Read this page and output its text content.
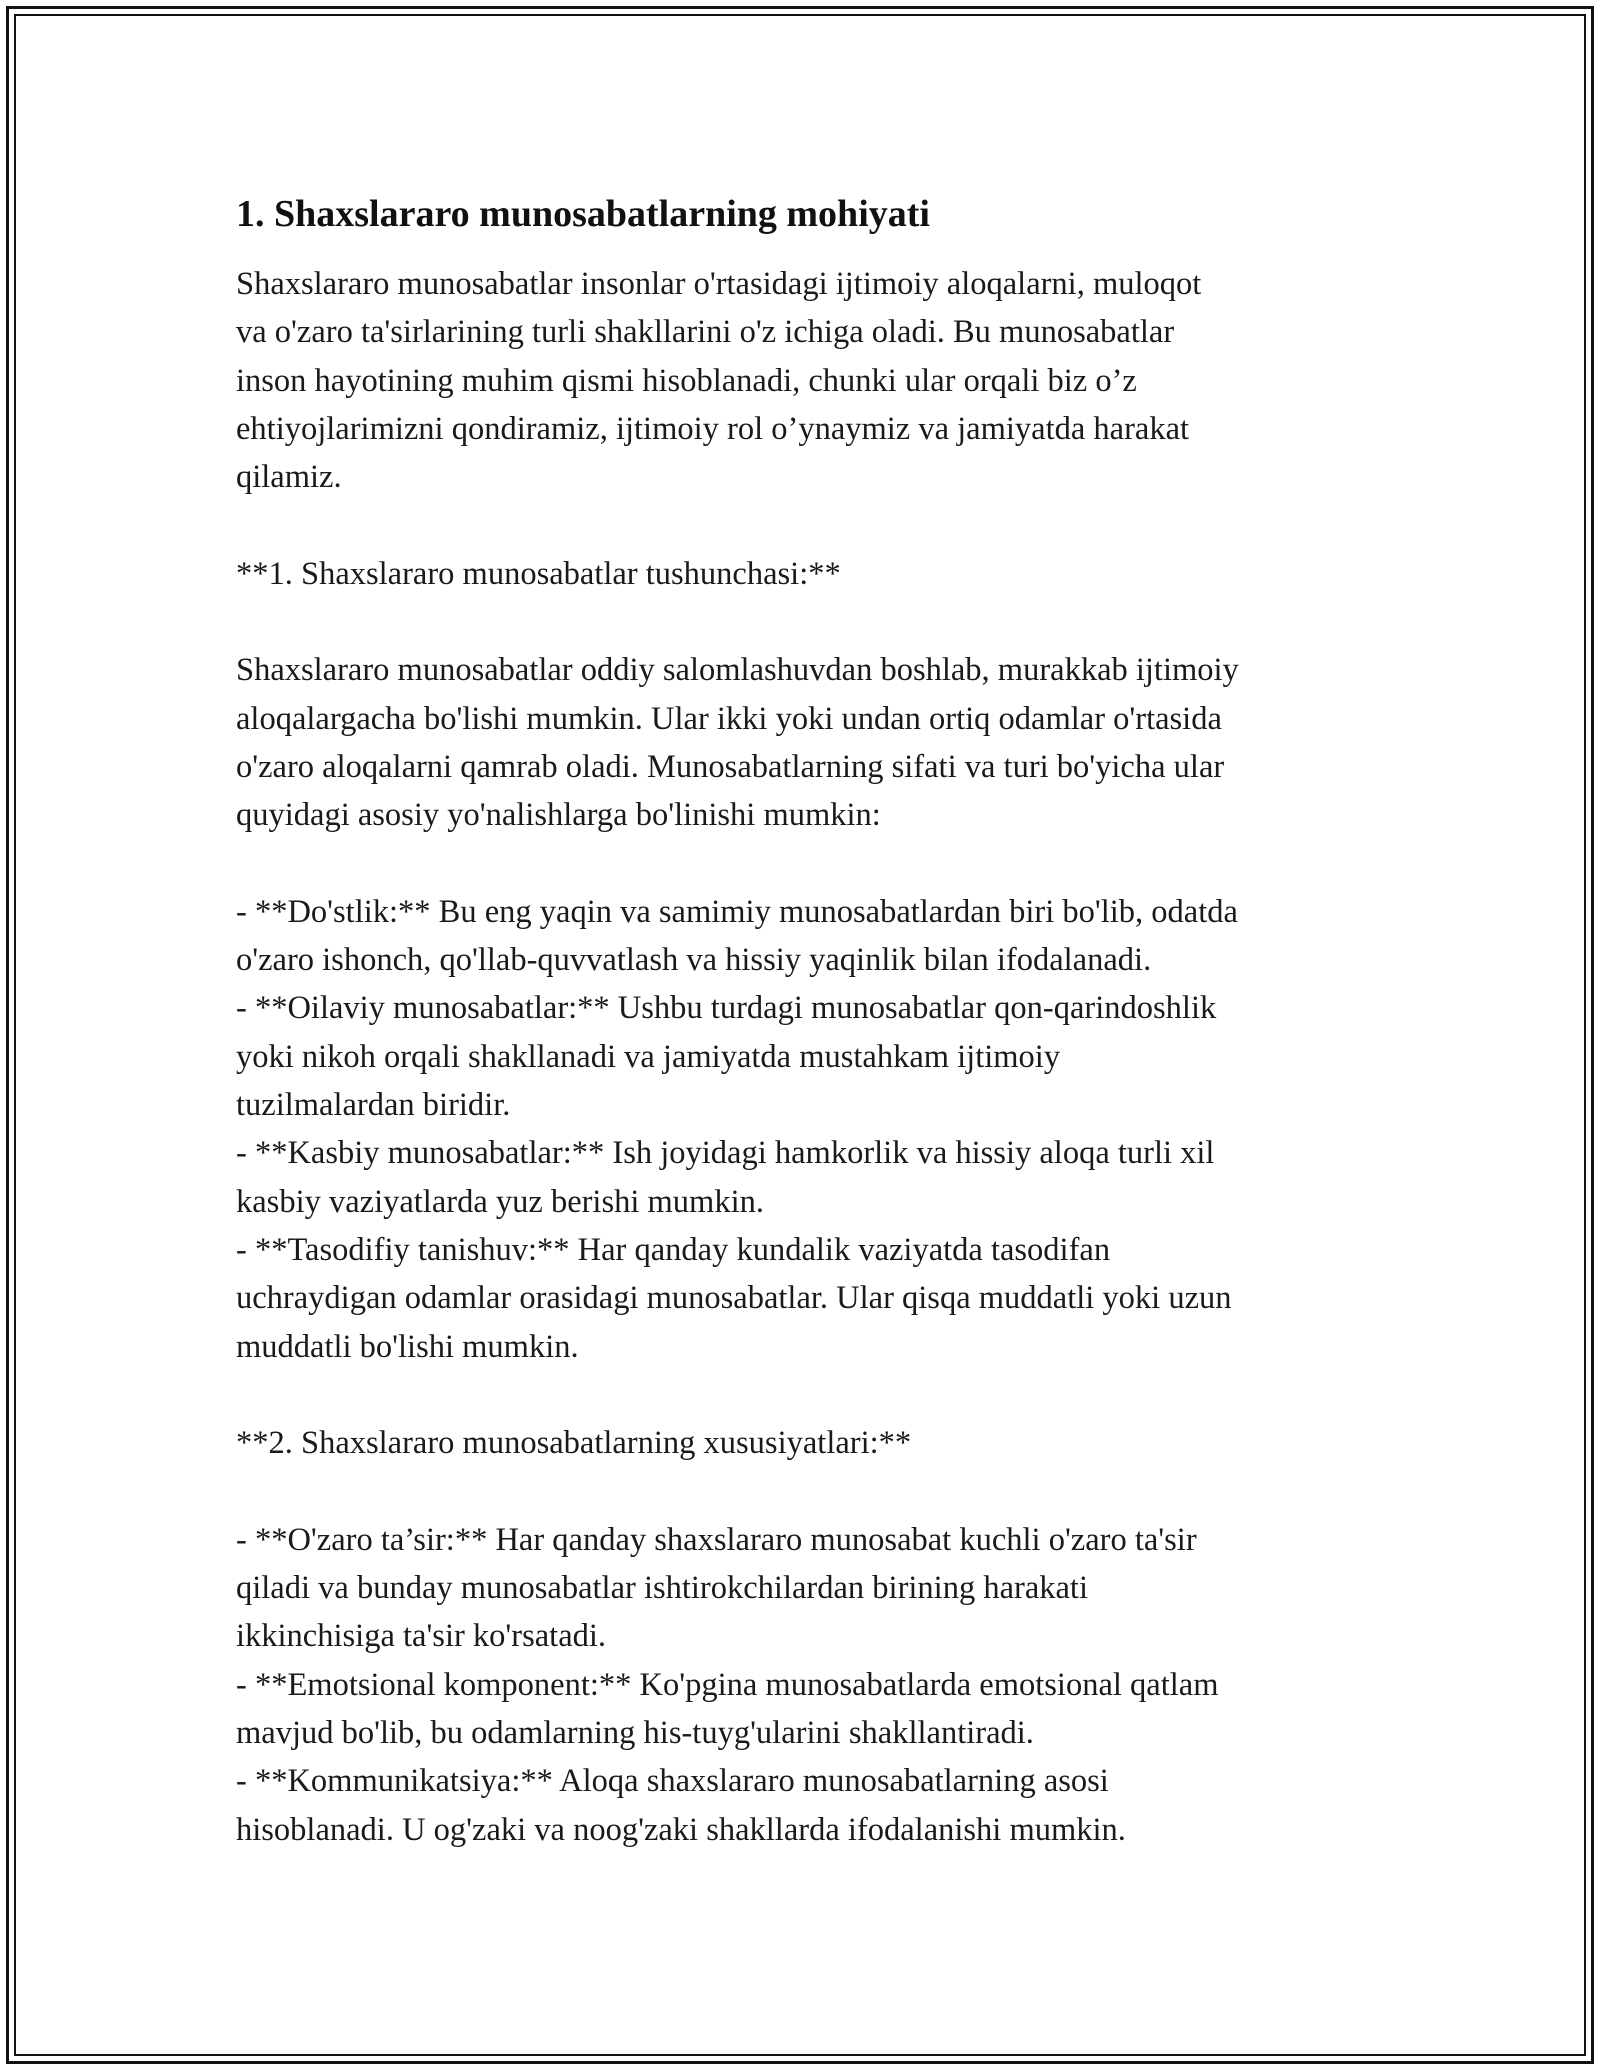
1. Shaxslararo munosabatlarning mohiyati
Shaxslararo munosabatlar insonlar o'rtasidagi ijtimoiy aloqalarni, muloqot
va o'zaro ta'sirlarining turli shakllarini o'z ichiga oladi. Bu munosabatlar
inson hayotining muhim qismi hisoblanadi, chunki ular orqali biz o’z
ehtiyojlarimizni qondiramiz, ijtimoiy rol o’ynaymiz va jamiyatda harakat
qilamiz.
**1. Shaxslararo munosabatlar tushunchasi:**
Shaxslararo munosabatlar oddiy salomlashuvdan boshlab, murakkab ijtimoiy
aloqalargacha bo'lishi mumkin. Ular ikki yoki undan ortiq odamlar o'rtasida
o'zaro aloqalarni qamrab oladi. Munosabatlarning sifati va turi bo'yicha ular
quyidagi asosiy yo'nalishlarga bo'linishi mumkin:
- **Do'stlik:** Bu eng yaqin va samimiy munosabatlardan biri bo'lib, odatda
o'zaro ishonch, qo'llab-quvvatlash va hissiy yaqinlik bilan ifodalanadi.
- **Oilaviy munosabatlar:** Ushbu turdagi munosabatlar qon-qarindoshlik
yoki nikoh orqali shakllanadi va jamiyatda mustahkam ijtimoiy
tuzilmalardan biridir.
- **Kasbiy munosabatlar:** Ish joyidagi hamkorlik va hissiy aloqa turli xil
kasbiy vaziyatlarda yuz berishi mumkin.
- **Tasodifiy tanishuv:** Har qanday kundalik vaziyatda tasodifan
uchraydigan odamlar orasidagi munosabatlar. Ular qisqa muddatli yoki uzun
muddatli bo'lishi mumkin.
**2. Shaxslararo munosabatlarning xususiyatlari:**
- **O'zaro ta’sir:** Har qanday shaxslararo munosabat kuchli o'zaro ta'sir
qiladi va bunday munosabatlar ishtirokchilardan birining harakati
ikkinchisiga ta'sir ko'rsatadi.
- **Emotsional komponent:** Ko'pgina munosabatlarda emotsional qatlam
mavjud bo'lib, bu odamlarning his-tuyg'ularini shakllantiradi.
- **Kommunikatsiya:** Aloqa shaxslararo munosabatlarning asosi
hisoblanadi. U og'zaki va noog'zaki shakllarda ifodalanishi mumkin.
